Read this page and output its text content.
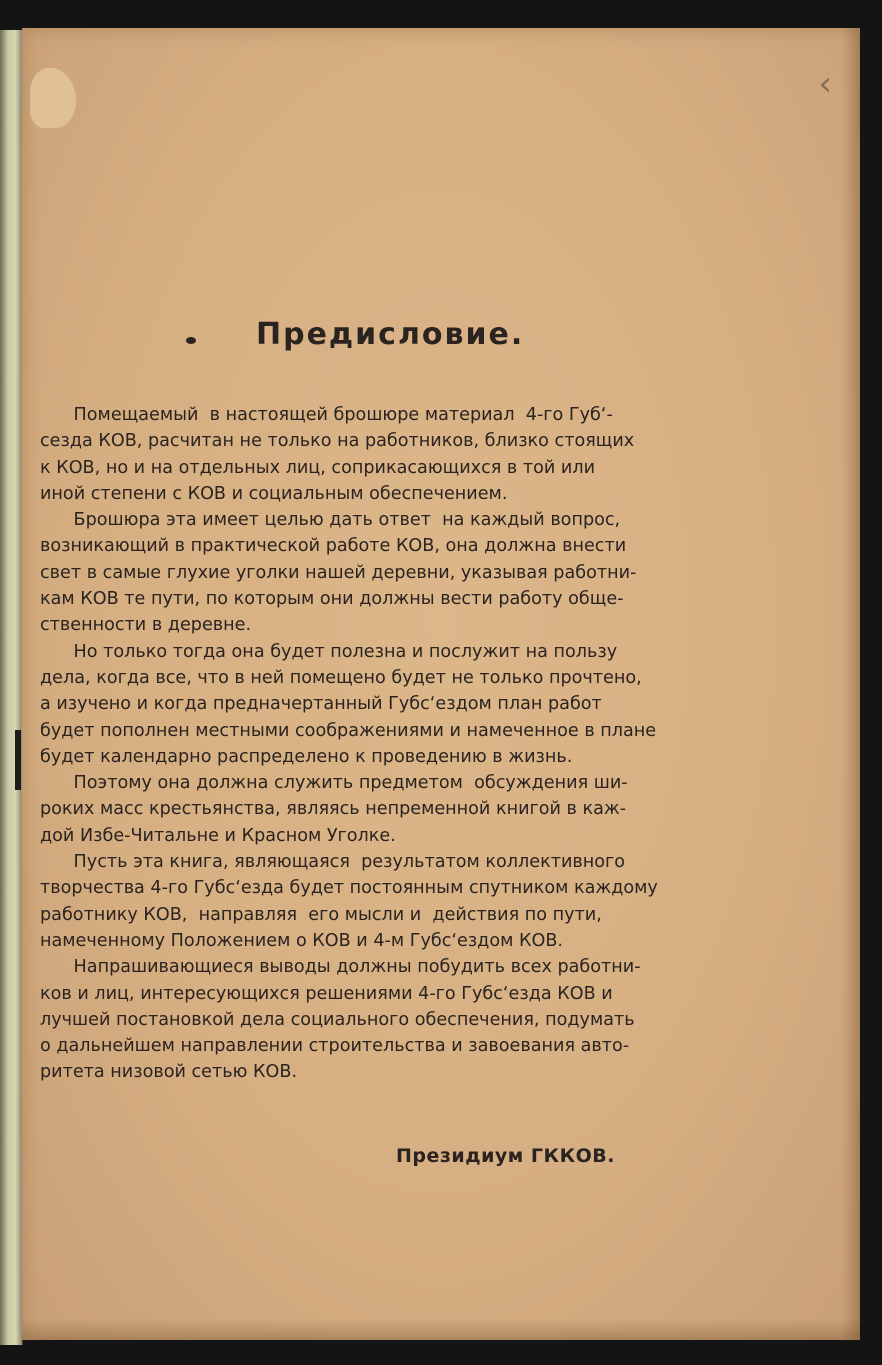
‹
Предисловие.
Помещаемый  в настоящей брошюре материал  4-го Губ‘-
сезда КОВ, расчитан не только на работников, близко стоящиx
к КОВ, но и на отдельных лиц, соприкасающихся в той или
иной степени с КОВ и социальным обеспечением.
Брошюра эта имеет целью дать ответ  на каждый вопрос,
возникающий в практической работе КОВ, она должна внести
свет в самые глухие уголки нашей деревни, указывая работни-
кам КОВ те пути, по которым они должны вести работу обще-
ственности в деревне.
Но только тогда она будет полезна и послужит на пользу
дела, когда все, что в ней помещено будет не только прочтено,
а изучено и когда предначертанный Губс‘ездом план работ
будет пополнен местными соображениями и намеченное в плане
будет календарно распределено к проведению в жизнь.
Поэтому она должна служить предметом  обсуждения ши-
роких масс крестьянства, являясь непременной книгой в каж-
дой Избе-Читальне и Красном Уголке.
Пусть эта книга, являющаяся  результатом коллективного
творчества 4-го Губс‘езда будет постоянным спутником каждому
работнику КОВ,  направляя  его мысли и  действия по пути,
намеченному Положением о КОВ и 4-м Губс‘ездом КОВ.
Напрашивающиеся выводы должны побудить всех работни-
ков и лиц, интересующихся решениями 4-го Губс‘езда КОВ и
лучшей постановкой дела социального обеспечения, подумать
о дальнейшем направлении строительства и завоевания авто-
ритета низовой сетью КОВ.
Президиум ГККОВ.
